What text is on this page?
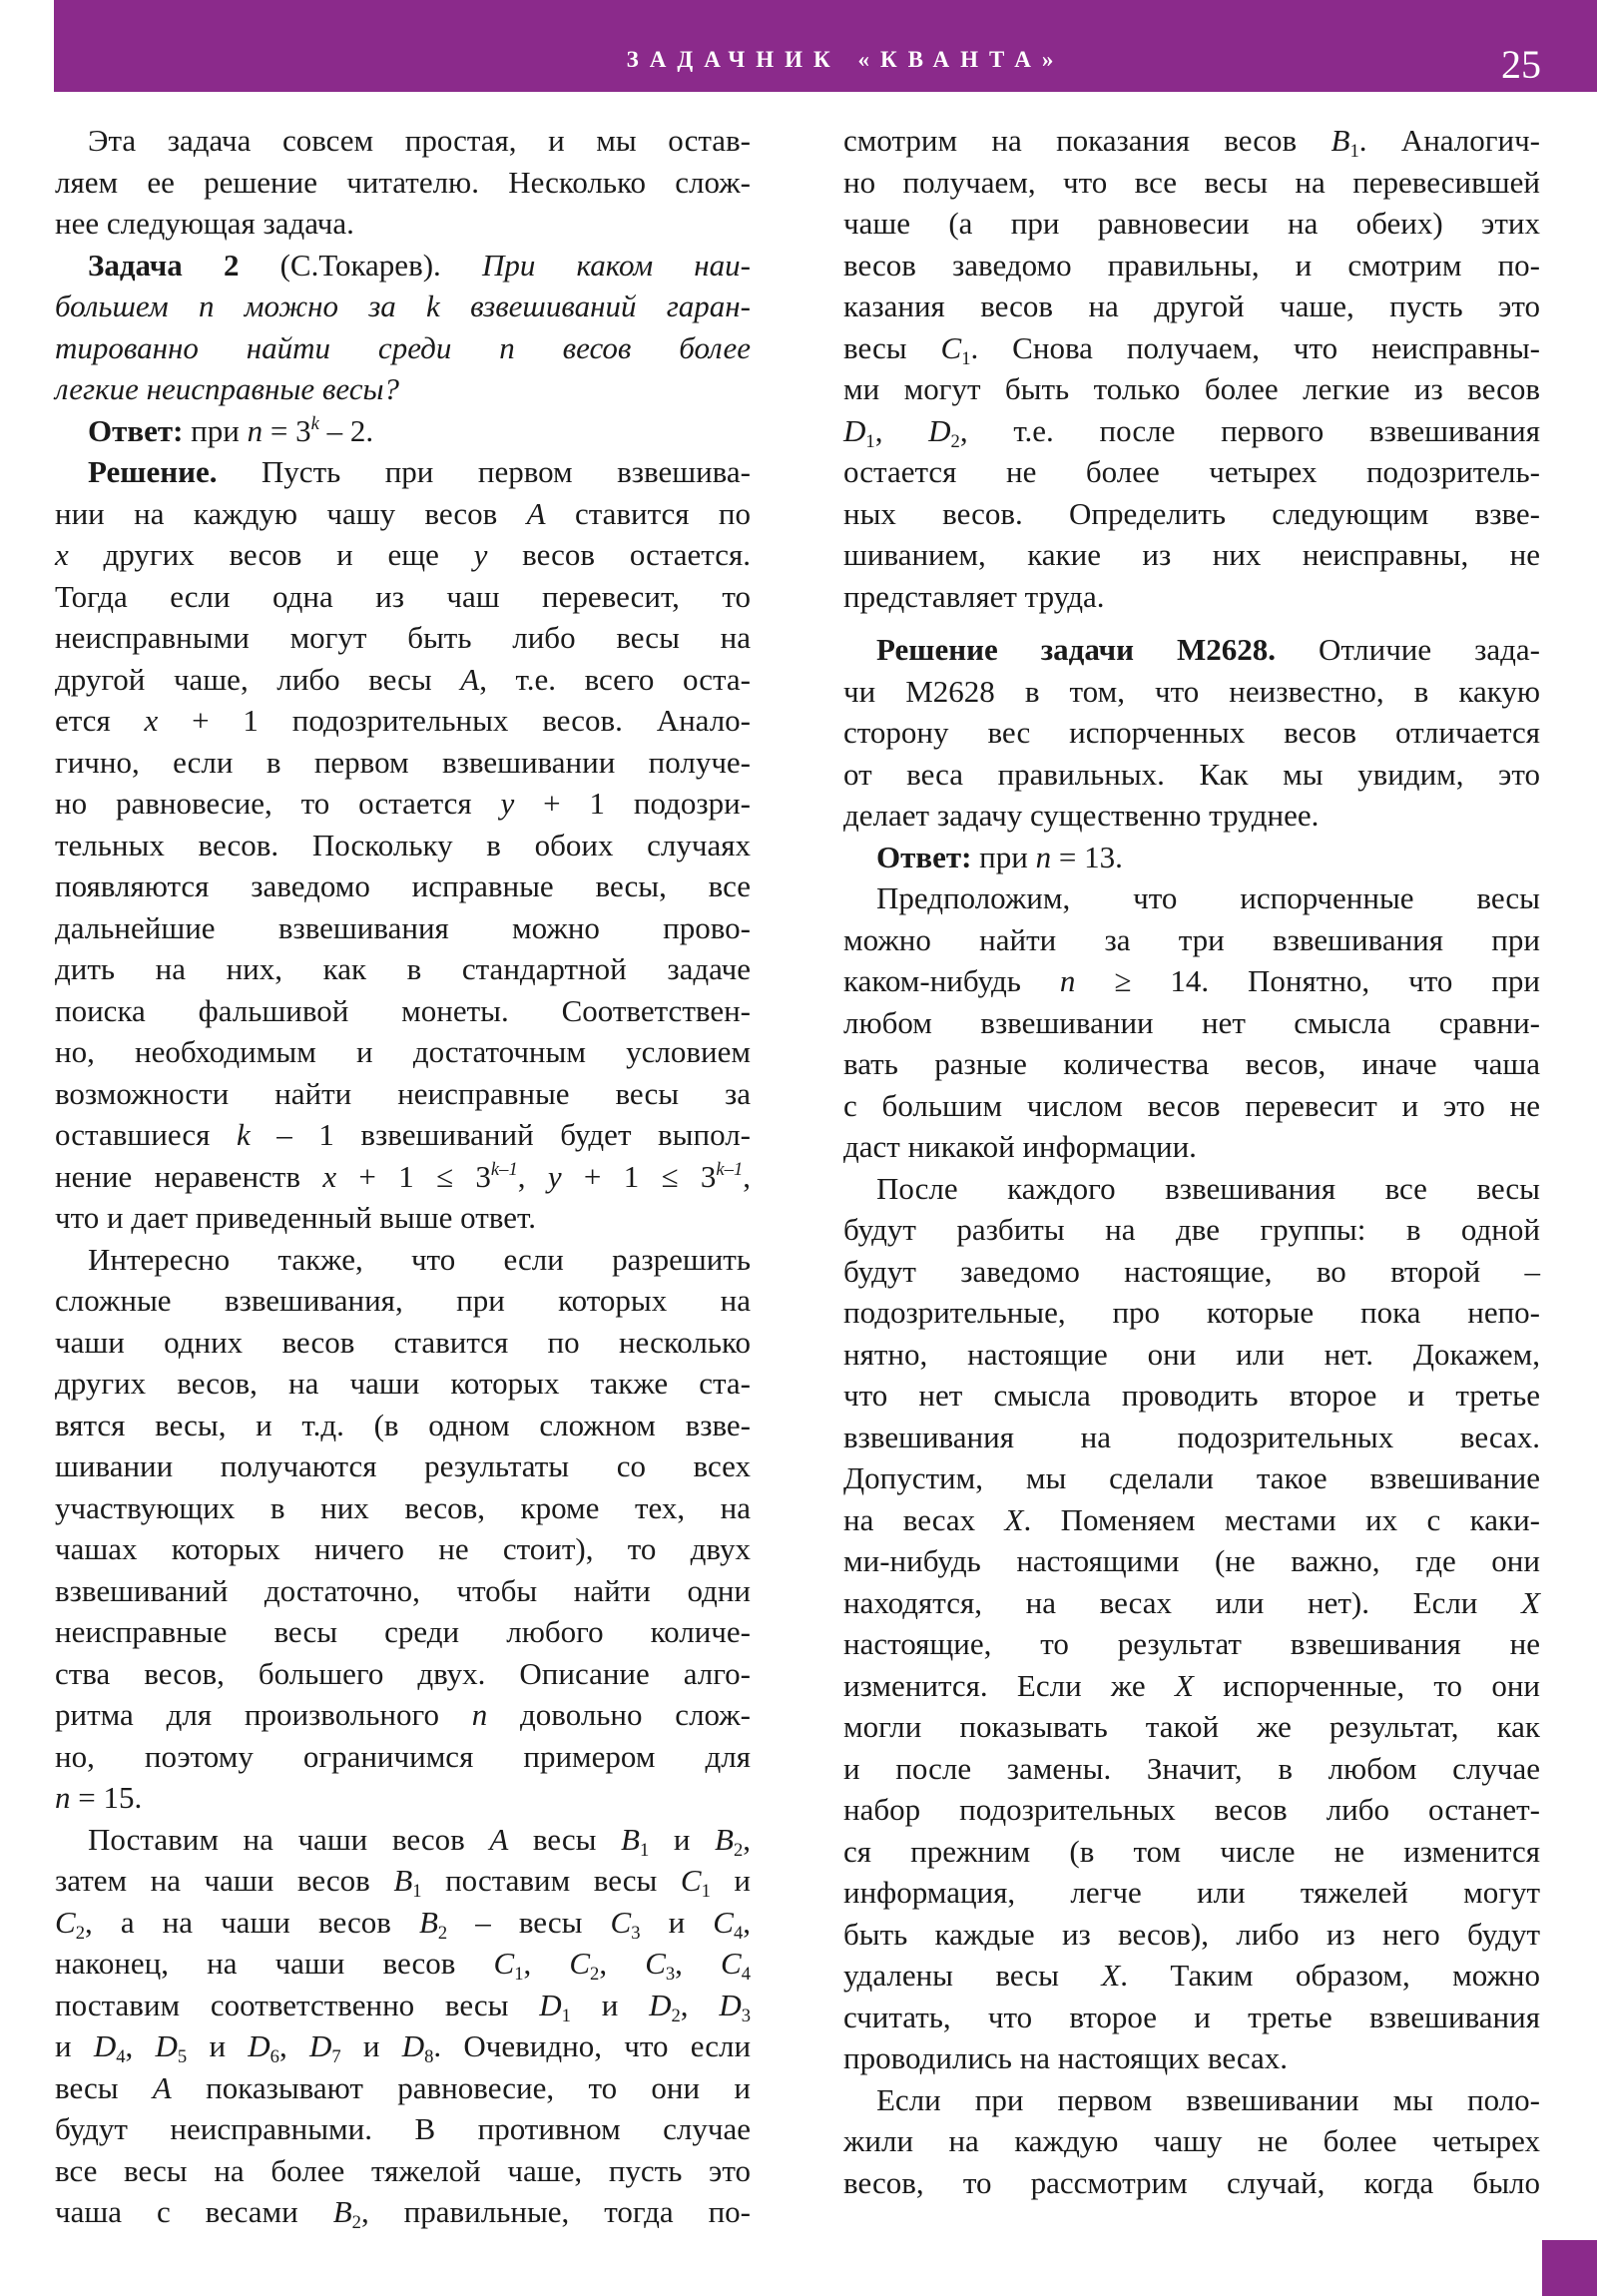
ЗАДАЧНИК «КВАНТА»	25
Эта задача совсем простая, и мы остав-
ляем ее решение читателю. Несколько слож-
нее следующая задача.
Задача 2 (С.Токарев). При каком наи-
большем n можно за k взвешиваний гаран-
тированно найти среди n весов более
легкие неисправные весы?
Ответ: при $n = 3^k - 2$.
Решение. Пусть при первом взвешива-
нии на каждую чашу весов A ставится по
x других весов и еще y весов остается.
Тогда если одна из чаш перевесит, то
неисправными могут быть либо весы на
другой чаше, либо весы A, т.е. всего оста-
ется x + 1 подозрительных весов. Анало-
гично, если в первом взвешивании получе-
но равновесие, то остается y + 1 подозри-
тельных весов. Поскольку в обоих случаях
появляются заведомо исправные весы, все
дальнейшие взвешивания можно прово-
дить на них, как в стандартной задаче
поиска фальшивой монеты. Соответствен-
но, необходимым и достаточным условием
возможности найти неисправные весы за
оставшиеся k – 1 взвешиваний будет выпол-
нение неравенств $x + 1 \le 3^{k-1}$, $y + 1 \le 3^{k-1}$,
что и дает приведенный выше ответ.
Интересно также, что если разрешить
сложные взвешивания, при которых на
чаши одних весов ставится по несколько
других весов, на чаши которых также ста-
вятся весы, и т.д. (в одном сложном взве-
шивании получаются результаты со всех
участвующих в них весов, кроме тех, на
чашах которых ничего не стоит), то двух
взвешиваний достаточно, чтобы найти одни
неисправные весы среди любого количе-
ства весов, большего двух. Описание алго-
ритма для произвольного n довольно слож-
но, поэтому ограничимся примером для
n = 15.
Поставим на чаши весов A весы $B_1$ и $B_2$,
затем на чаши весов $B_1$ поставим весы $C_1$ и
$C_2$, а на чаши весов $B_2$ – весы $C_3$ и $C_4$,
наконец, на чаши весов $C_1$, $C_2$, $C_3$, $C_4$
поставим соответственно весы $D_1$ и $D_2$, $D_3$
и $D_4$, $D_5$ и $D_6$, $D_7$ и $D_8$. Очевидно, что если
весы A показывают равновесие, то они и
будут неисправными. В противном случае
все весы на более тяжелой чаше, пусть это
чаша с весами $B_2$, правильные, тогда по-
смотрим на показания весов $B_1$. Аналогич-
но получаем, что все весы на перевесившей
чаше (а при равновесии на обеих) этих
весов заведомо правильны, и смотрим по-
казания весов на другой чаше, пусть это
весы $C_1$. Снова получаем, что неисправны-
ми могут быть только более легкие из весов
$D_1$, $D_2$, т.е. после первого взвешивания
остается не более четырех подозритель-
ных весов. Определить следующим взве-
шиванием, какие из них неисправны, не
представляет труда.
Решение задачи М2628. Отличие зада-
чи М2628 в том, что неизвестно, в какую
сторону вес испорченных весов отличается
от веса правильных. Как мы увидим, это
делает задачу существенно труднее.
Ответ: при n = 13.
Предположим, что испорченные весы
можно найти за три взвешивания при
каком-нибудь n ≥ 14. Понятно, что при
любом взвешивании нет смысла сравни-
вать разные количества весов, иначе чаша
с большим числом весов перевесит и это не
даст никакой информации.
После каждого взвешивания все весы
будут разбиты на две группы: в одной
будут заведомо настоящие, во второй –
подозрительные, про которые пока непо-
нятно, настоящие они или нет. Докажем,
что нет смысла проводить второе и третье
взвешивания на подозрительных весах.
Допустим, мы сделали такое взвешивание
на весах X. Поменяем местами их с каки-
ми-нибудь настоящими (не важно, где они
находятся, на весах или нет). Если X
настоящие, то результат взвешивания не
изменится. Если же X испорченные, то они
могли показывать такой же результат, как
и после замены. Значит, в любом случае
набор подозрительных весов либо останет-
ся прежним (в том числе не изменится
информация, легче или тяжелей могут
быть каждые из весов), либо из него будут
удалены весы X. Таким образом, можно
считать, что второе и третье взвешивания
проводились на настоящих весах.
Если при первом взвешивании мы поло-
жили на каждую чашу не более четырех
весов, то рассмотрим случай, когда было
